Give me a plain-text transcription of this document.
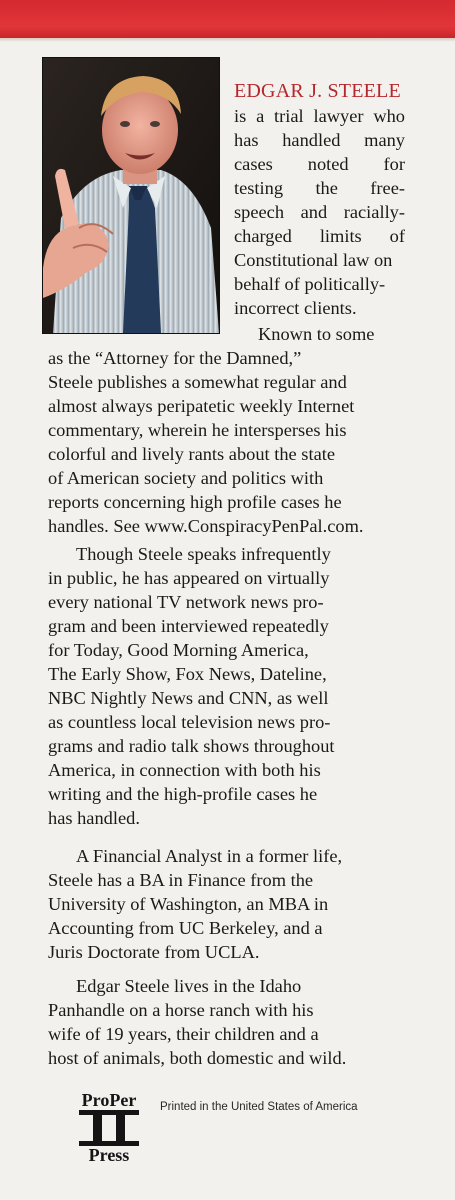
EDGAR J. STEELE
is a trial lawyer who
has handled many
cases noted for
testing the free-
speech and racially-
charged limits of
Constitutional law on
behalf of politically-
incorrect clients.
Known to some
as the “Attorney for the Damned,”
Steele publishes a somewhat regular and
almost always peripatetic weekly Internet
commentary, wherein he intersperses his
colorful and lively rants about the state
of American society and politics with
reports concerning high profile cases he
handles. See www.ConspiracyPenPal.com.
Though Steele speaks infrequently
in public, he has appeared on virtually
every national TV network news pro-
gram and been interviewed repeatedly
for Today, Good Morning America,
The Early Show, Fox News, Dateline,
NBC Nightly News and CNN, as well
as countless local television news pro-
grams and radio talk shows throughout
America, in connection with both his
writing and the high-profile cases he
has handled.
A Financial Analyst in a former life,
Steele has a BA in Finance from the
University of Washington, an MBA in
Accounting from UC Berkeley, and a
Juris Doctorate from UCLA.
Edgar Steele lives in the Idaho
Panhandle on a horse ranch with his
wife of 19 years, their children and a
host of animals, both domestic and wild.
ProPer
Press
Printed in the United States of America
